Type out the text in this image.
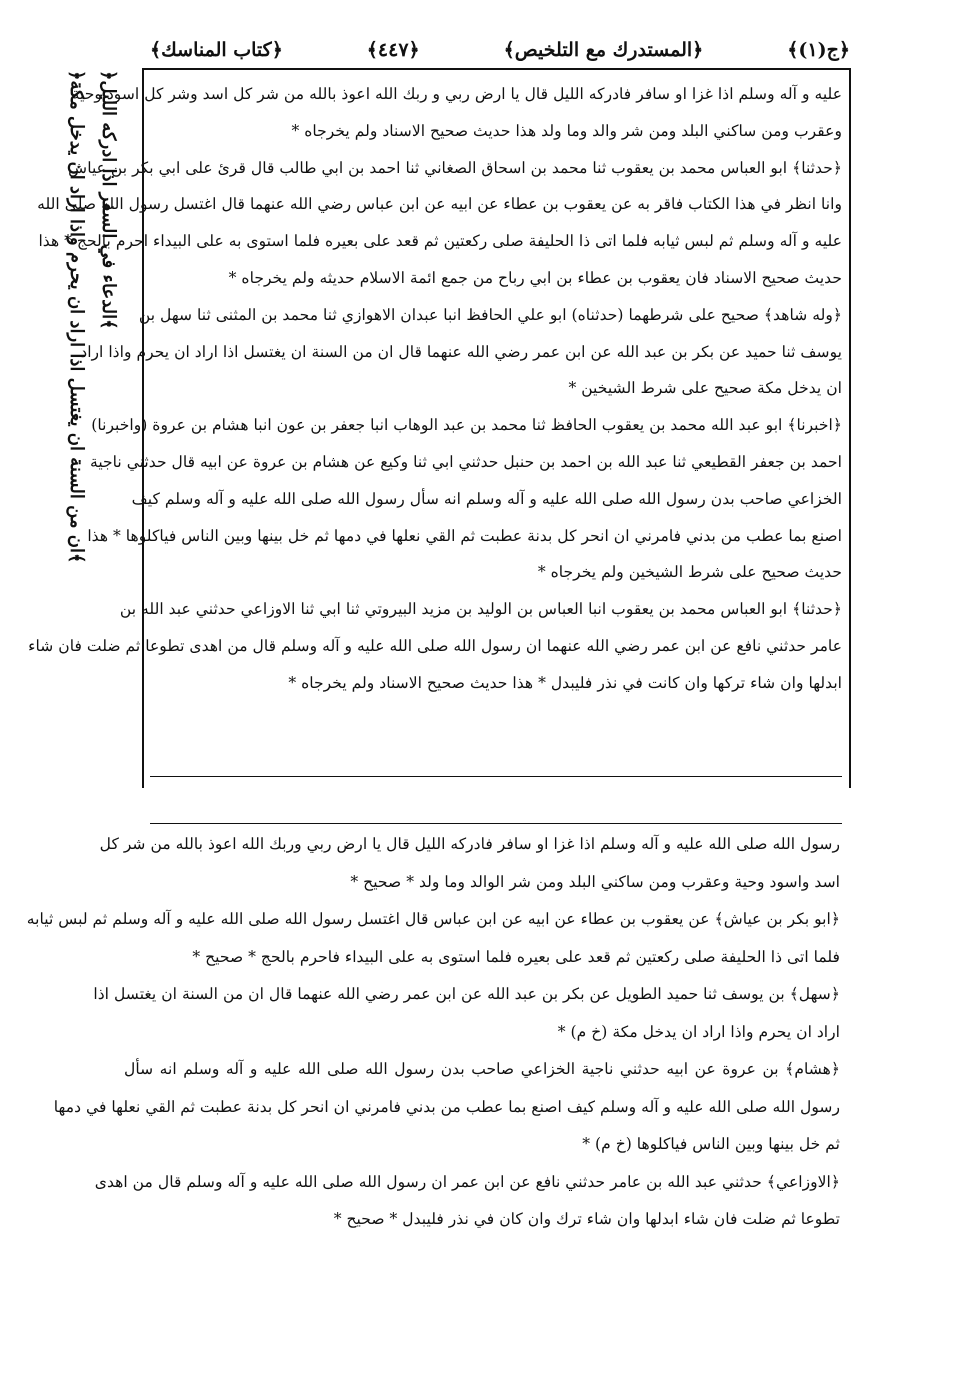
﴿ج(١)﴾
﴿المستدرك مع التلخيص﴾
﴿٤٤٧﴾
﴿كتاب المناسك﴾
﴿الدعاء في السفر اذا ادركه الليل﴾
﴿ان من السنة ان يغتسل اذا اراد ان يحرم واذا اراد ان يدخل مكة﴾

عليه و آله وسلم اذا غزا او سافر فادركه الليل قال يا ارض ربي و ربك الله اعوذ بالله من شر كل اسد وشر كل اسود وحية

وعقرب ومن ساكني البلد ومن شر والد وما ولد هذا حديث صحيح الاسناد ولم يخرجاه *

﴿حدثنا﴾ ابو العباس محمد بن يعقوب ثنا محمد بن اسحاق الصغاني ثنا احمد بن ابي طالب قال قرئ على ابي بكر بن عياش

وانا انظر في هذا الكتاب فاقر به عن يعقوب بن عطاء عن ابيه عن ابن عباس رضي الله عنهما قال اغتسل رسول الله صلى الله

عليه و آله وسلم ثم لبس ثيابه فلما اتى ذا الحليفة صلى ركعتين ثم قعد على بعيره فلما استوى به على البيداء احرم بالحج * هذا

حديث صحيح الاسناد فان يعقوب بن عطاء بن ابي رباح من جمع ائمة الاسلام حديثه ولم يخرجاه *

﴿وله شاهد﴾ صحيح على شرطهما (حدثناه) ابو علي الحافظ انبا عبدان الاهوازي ثنا محمد بن المثنى ثنا سهل بن

يوسف ثنا حميد عن بكر بن عبد الله عن ابن عمر رضي الله عنهما قال ان من السنة ان يغتسل اذا اراد ان يحرم واذا اراد

ان يدخل مكة صحيح على شرط الشيخين *

﴿اخبرنا﴾ ابو عبد الله محمد بن يعقوب الحافظ ثنا محمد بن عبد الوهاب انبا جعفر بن عون انبا هشام بن عروة (واخبرنا)

احمد بن جعفر القطيعي ثنا عبد الله بن احمد بن حنبل حدثني ابي ثنا وكيع عن هشام بن عروة عن ابيه قال حدثني ناجية

الخزاعي صاحب بدن رسول الله صلى الله عليه و آله وسلم انه سأل رسول الله صلى الله عليه و آله وسلم كيف

اصنع بما عطب من بدني فامرني ان انحر كل بدنة عطبت ثم القي نعلها في دمها ثم خل بينها وبين الناس فياكلوها * هذا

حديث صحيح على شرط الشيخين ولم يخرجاه *

﴿حدثنا﴾ ابو العباس محمد بن يعقوب انبا العباس بن الوليد بن مزيد البيروتي ثنا ابي ثنا الاوزاعي حدثني عبد الله بن

عامر حدثني نافع عن ابن عمر رضي الله عنهما ان رسول الله صلى الله عليه و آله وسلم قال من اهدى تطوعا ثم ضلت فان شاء

ابدلها وان شاء تركها وان كانت في نذر فليبدل * هذا حديث صحيح الاسناد ولم يخرجاه *

رسول الله صلى الله عليه و آله وسلم اذا غزا او سافر فادركه الليل قال يا ارض ربي وربك الله اعوذ بالله من شر كل

اسد واسود وحية وعقرب ومن ساكني البلد ومن شر الوالد وما ولد * صحيح *

﴿ابو بكر بن عياش﴾ عن يعقوب بن عطاء عن ابيه عن ابن عباس قال اغتسل رسول الله صلى الله عليه و آله وسلم ثم لبس ثيابه

فلما اتى ذا الحليفة صلى ركعتين ثم قعد على بعيره فلما استوى به على البيداء فاحرم بالحج * صحيح *

﴿سهل﴾ بن يوسف ثنا حميد الطويل عن بكر بن عبد الله عن ابن عمر رضي الله عنهما قال ان من السنة ان يغتسل اذا

اراد ان يحرم واذا اراد ان يدخل مكة (خ م) *

﴿هشام﴾ بن عروة عن ابيه حدثني ناجية الخزاعي صاحب بدن رسول الله صلى الله عليه و آله وسلم انه سأل

رسول الله صلى الله عليه و آله وسلم كيف اصنع بما عطب من بدني فامرني ان انحر كل بدنة عطبت ثم القي نعلها في دمها

ثم خل بينها وبين الناس فياكلوها (خ م) *

﴿الاوزاعي﴾ حدثني عبد الله بن عامر حدثني نافع عن ابن عمر ان رسول الله صلى الله عليه و آله وسلم قال من اهدى

تطوعا ثم ضلت فان شاء ابدلها وان شاء ترك وان كان في نذر فليبدل * صحيح *
